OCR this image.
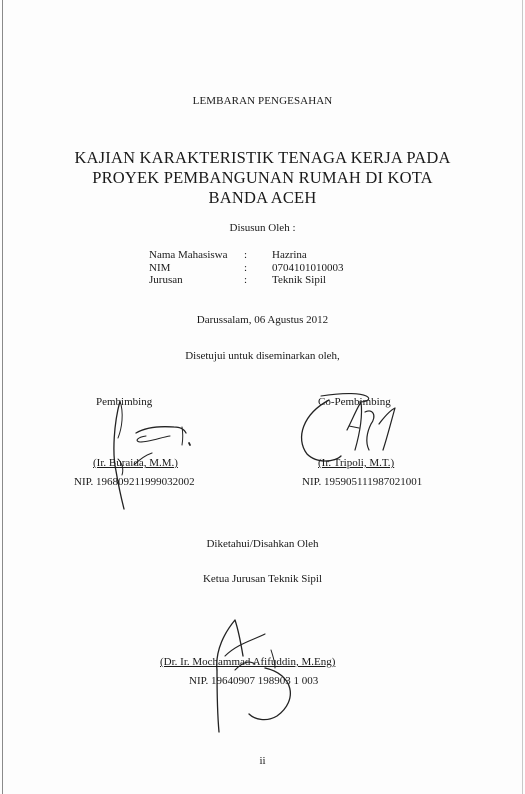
LEMBARAN PENGESAHAN
KAJIAN KARAKTERISTIK TENAGA KERJA PADA
PROYEK PEMBANGUNAN RUMAH DI KOTA
BANDA ACEH
Disusun Oleh :
Nama Mahasiswa	:	Hazrina
NIM	:	0704101010003
Jurusan	:	Teknik Sipil
Darussalam, 06 Agustus 2012
Disetujui untuk diseminarkan oleh,
Pembimbing
(Ir. Buraida, M.M.)
NIP. 196809211999032002
Co-Pembimbing
(Ir. Tripoli, M.T.)
NIP. 195905111987021001
Diketahui/Disahkan Oleh
Ketua Jurusan Teknik Sipil
(Dr. Ir. Mochammad Afifuddin, M.Eng)
NIP. 19640907 198903 1 003
ii
